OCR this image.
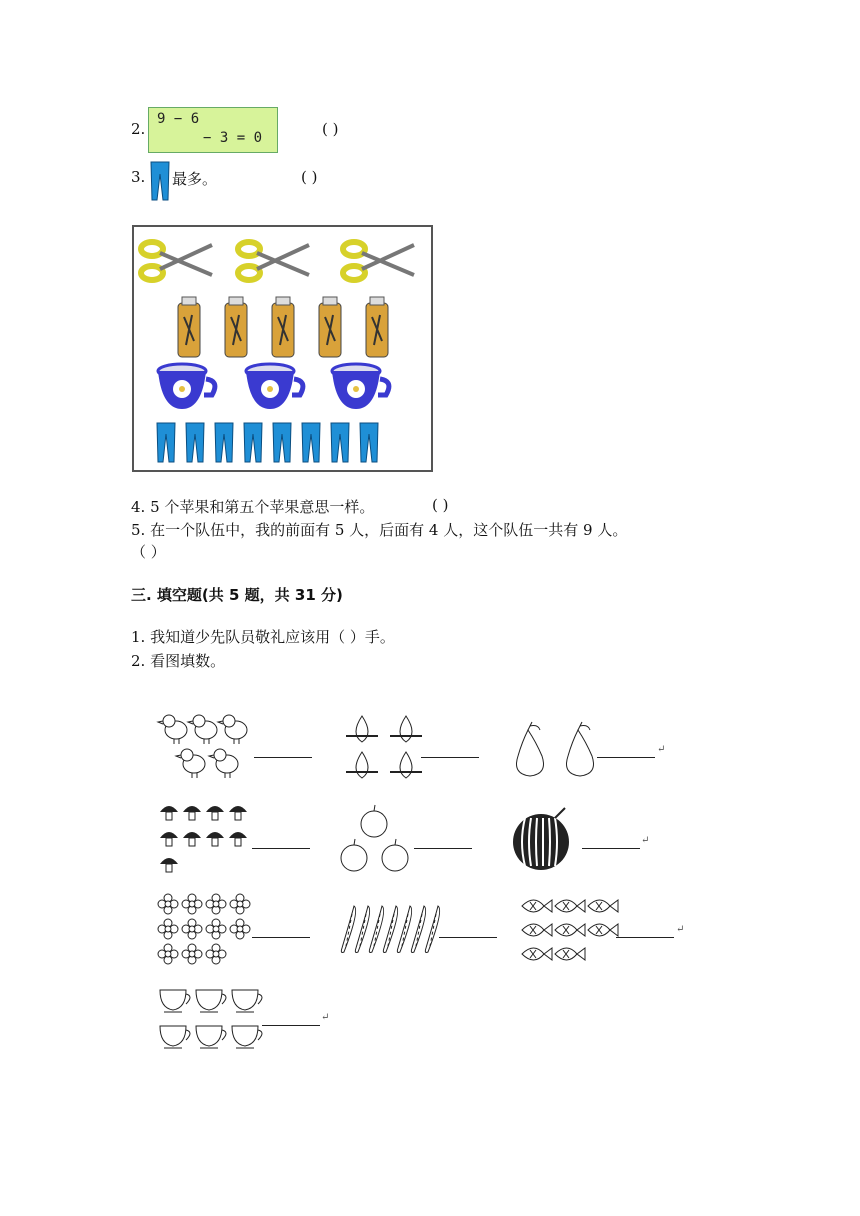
2.
9 − 6
− 3 = 0	( )
3. 最多。	( )
4. 5 个苹果和第五个苹果意思一样。	( )
5. 在一个队伍中，我的前面有 5 人，后面有 4 人，这个队伍一共有 9 人。
（ ）
三. 填空题(共 5 题，共 31 分)
1. 我知道少先队员敬礼应该用（ ）手。
2. 看图填数。
↵
↵
↵
↵
